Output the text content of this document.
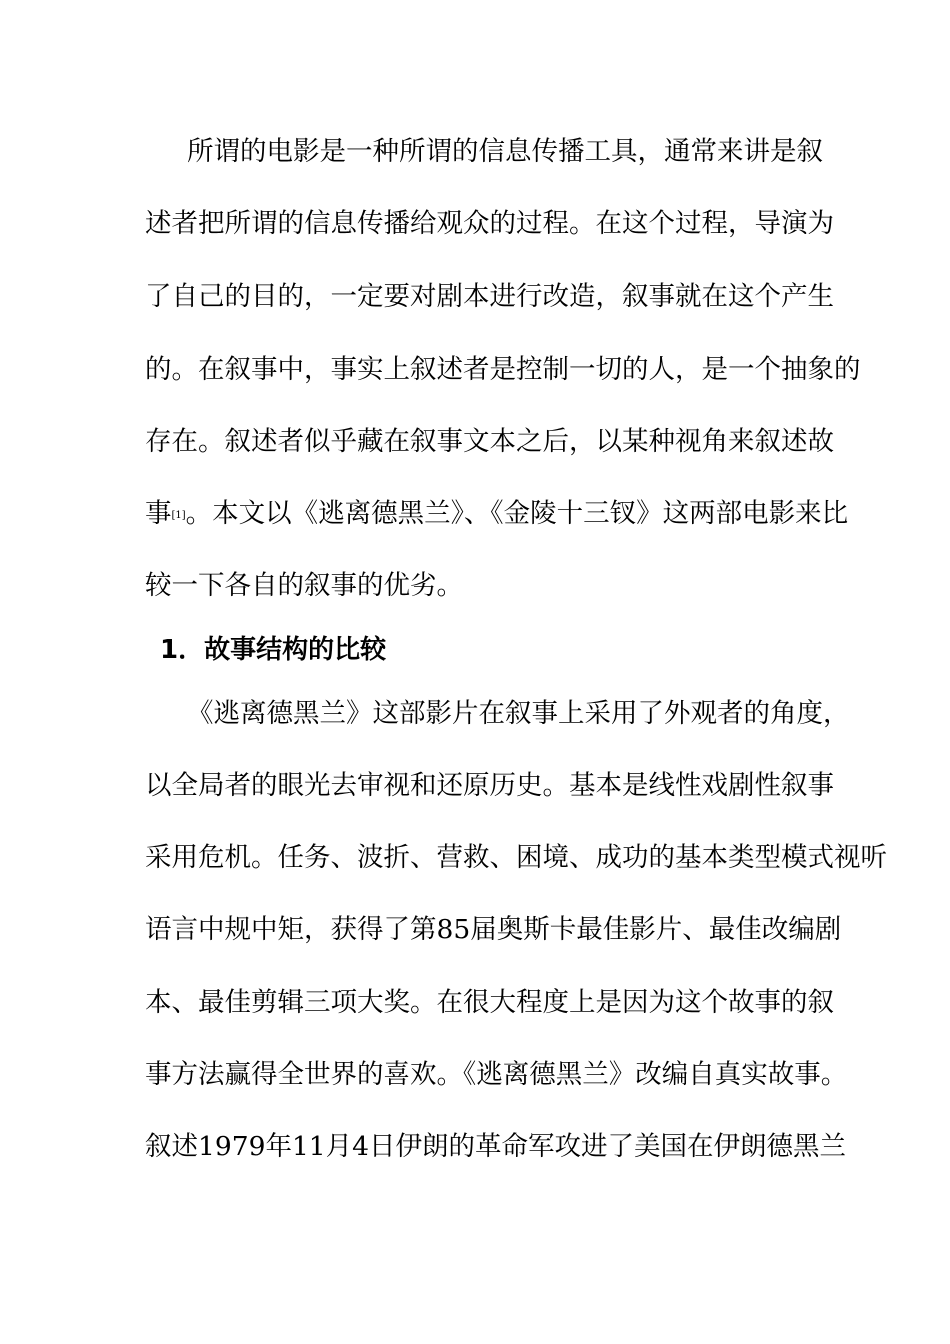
所谓的电影是一种所谓的信息传播工具，通常来讲是叙
述者把所谓的信息传播给观众的过程。在这个过程，导演为
了自己的目的，一定要对剧本进行改造，叙事就在这个产生
的。在叙事中，事实上叙述者是控制一切的人，是一个抽象的
存在。叙述者似乎藏在叙事文本之后，以某种视角来叙述故
事[1]。本文以《逃离德黑兰》、《金陵十三钗》这两部电影来比
较一下各自的叙事的优劣。
1．故事结构的比较
《逃离德黑兰》这部影片在叙事上采用了外观者的角度，
以全局者的眼光去审视和还原历史。基本是线性戏剧性叙事
采用危机。任务、波折、营救、困境、成功的基本类型模式视听
语言中规中矩，获得了第85届奥斯卡最佳影片、最佳改编剧
本、最佳剪辑三项大奖。在很大程度上是因为这个故事的叙
事方法赢得全世界的喜欢。《逃离德黑兰》改编自真实故事。
叙述1979年11月4日伊朗的革命军攻进了美国在伊朗德黑兰
